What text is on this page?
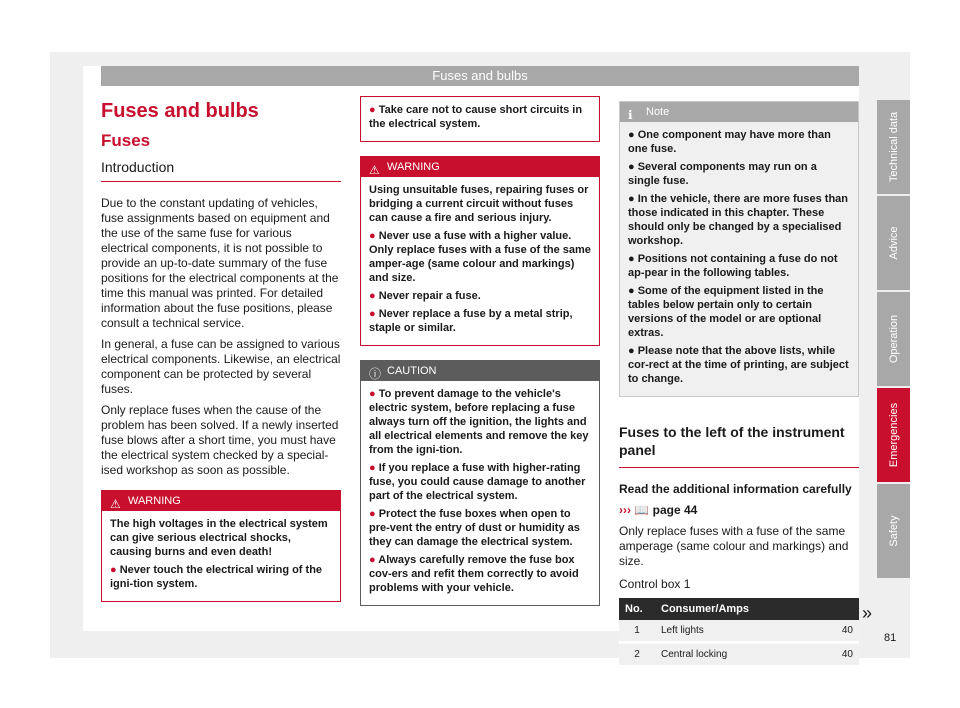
Fuses and bulbs
Fuses and bulbs
Fuses
Introduction

Due to the constant updating of vehicles, fuse assignments based on equipment and the use of the same fuse for various electrical components, it is not possible to provide an up-to-date summary of the fuse positions for the electrical components at the time this manual was printed. For detailed information about the fuse positions, please consult a technical service.

In general, a fuse can be assigned to various electrical components. Likewise, an electrical component can be protected by several fuses.

Only replace fuses when the cause of the problem has been solved. If a newly inserted fuse blows after a short time, you must have the electrical system checked by a special-ised workshop as soon as possible.

⚠ WARNING
The high voltages in the electrical system can give serious electrical shocks, causing burns and even death!
● Never touch the electrical wiring of the igni-tion system.
● Take care not to cause short circuits in the electrical system.
⚠ WARNING
Using unsuitable fuses, repairing fuses or bridging a current circuit without fuses can cause a fire and serious injury.
● Never use a fuse with a higher value. Only replace fuses with a fuse of the same amper-age (same colour and markings) and size.
● Never repair a fuse.
● Never replace a fuse by a metal strip, staple or similar.
ⓘ CAUTION
● To prevent damage to the vehicle's electric system, before replacing a fuse always turn off the ignition, the lights and all electrical elements and remove the key from the igni-tion.
● If you replace a fuse with higher-rating fuse, you could cause damage to another part of the electrical system.
● Protect the fuse boxes when open to pre-vent the entry of dust or humidity as they can damage the electrical system.
● Always carefully remove the fuse box cov-ers and refit them correctly to avoid problems with your vehicle.
ℹ Note
● One component may have more than one fuse.
● Several components may run on a single fuse.
● In the vehicle, there are more fuses than those indicated in this chapter. These should only be changed by a specialised workshop.
● Positions not containing a fuse do not ap-pear in the following tables.
● Some of the equipment listed in the tables below pertain only to certain versions of the model or are optional extras.
● Please note that the above lists, while cor-rect at the time of printing, are subject to change.
Fuses to the left of the instrument panel

Read the additional information carefully

››› 📖 page 44

Only replace fuses with a fuse of the same amperage (same colour and markings) and size.

Control box 1

No.	Consumer/Amps	
1	Left lights	40
2	Central locking	40
»
Technical data
Advice
Operation
Emergencies
Safety
81
